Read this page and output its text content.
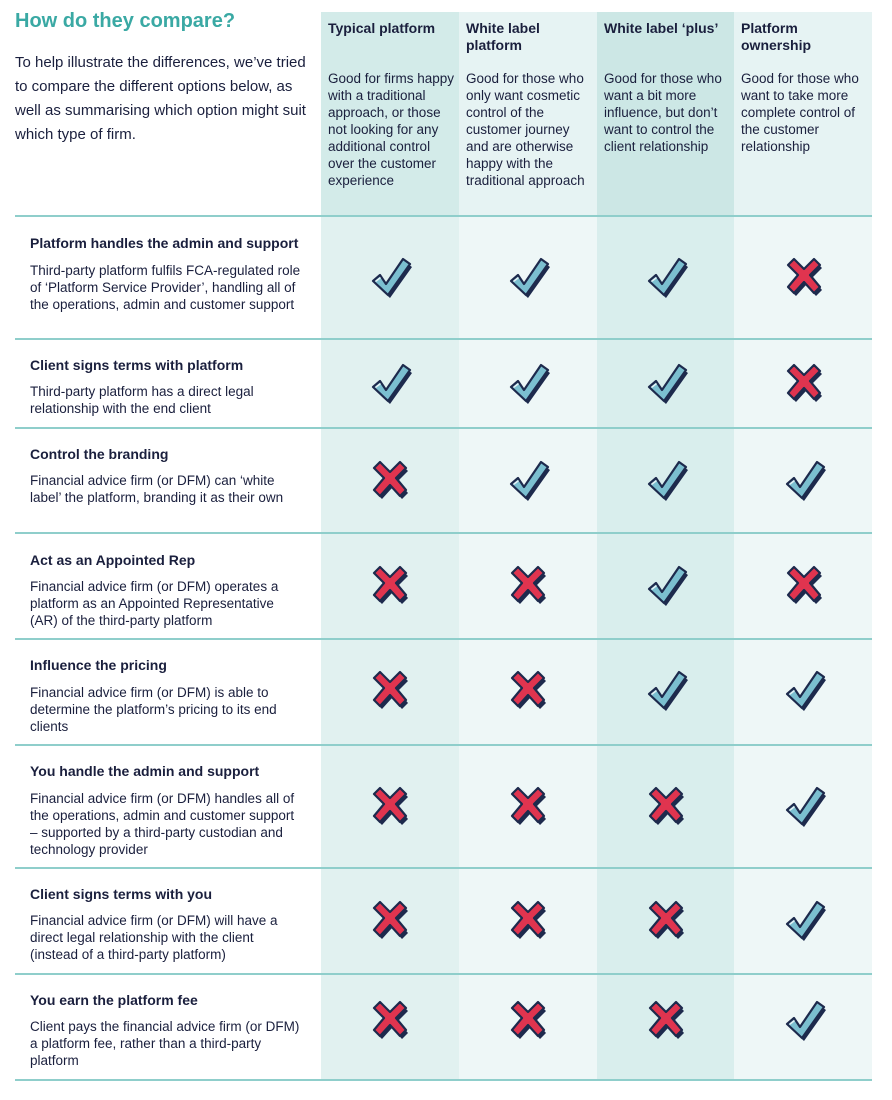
How do they compare?

To help illustrate the differences, we’ve tried to compare the different options below, as well as summarising which option might suit which type of firm.

Typical platform
Good for firms happy with a traditional approach, or those not looking for any additional control over the customer experience
White label platform
Good for those who only want cosmetic control of the customer journey and are otherwise happy with the traditional approach
White label ‘plus’
Good for those who want a bit more influence, but don’t want to control the client relationship
Platform ownership
Good for those who want to take more complete control of the customer relationship
Platform handles the admin and support
Third-party platform fulfils FCA-regulated role of ‘Platform Service Provider’, handling all of the operations, admin and customer support
Client signs terms with platform
Third-party platform has a direct legal relationship with the end client
Control the branding
Financial advice firm (or DFM) can ‘white label’ the platform, branding it as their own
Act as an Appointed Rep
Financial advice firm (or DFM) operates a platform as an Appointed Representative (AR) of the third-party platform
Influence the pricing
Financial advice firm (or DFM) is able to determine the platform’s pricing to its end clients
You handle the admin and support
Financial advice firm (or DFM) handles all of the operations, admin and customer support – supported by a third-party custodian and technology provider
Client signs terms with you
Financial advice firm (or DFM) will have a direct legal relationship with the client (instead of a third-party platform)
You earn the platform fee
Client pays the financial advice firm (or DFM) a platform fee, rather than a third-party platform
